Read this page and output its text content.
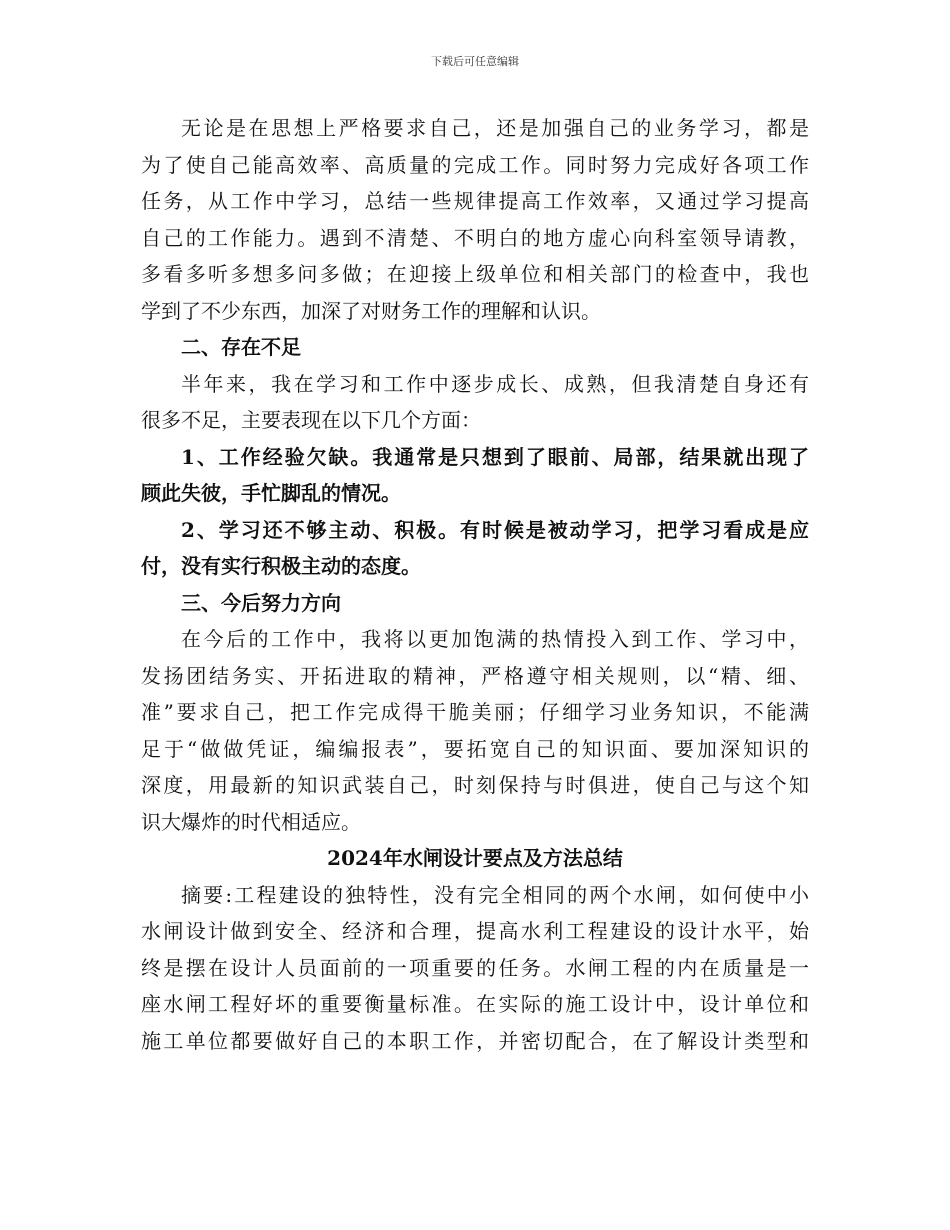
下载后可任意编辑
无论是在思想上严格要求自己，还是加强自己的业务学习，都是
为了使自己能高效率、高质量的完成工作。同时努力完成好各项工作
任务，从工作中学习，总结一些规律提高工作效率，又通过学习提高
自己的工作能力。遇到不清楚、不明白的地方虚心向科室领导请教，
多看多听多想多问多做；在迎接上级单位和相关部门的检查中，我也
学到了不少东西，加深了对财务工作的理解和认识。
二、存在不足
半年来，我在学习和工作中逐步成长、成熟，但我清楚自身还有
很多不足，主要表现在以下几个方面：
1、工作经验欠缺。我通常是只想到了眼前、局部，结果就出现了
顾此失彼，手忙脚乱的情况。
2、学习还不够主动、积极。有时候是被动学习，把学习看成是应
付，没有实行积极主动的态度。
三、今后努力方向
在今后的工作中，我将以更加饱满的热情投入到工作、学习中，
发扬团结务实、开拓进取的精神，严格遵守相关规则，以“精、细、
准”要求自己，把工作完成得干脆美丽；仔细学习业务知识，不能满
足于“做做凭证，编编报表”，要拓宽自己的知识面、要加深知识的
深度，用最新的知识武装自己，时刻保持与时俱进，使自己与这个知
识大爆炸的时代相适应。
2024年水闸设计要点及方法总结
摘要:工程建设的独特性，没有完全相同的两个水闸，如何使中小
水闸设计做到安全、经济和合理，提高水利工程建设的设计水平，始
终是摆在设计人员面前的一项重要的任务。水闸工程的内在质量是一
座水闸工程好坏的重要衡量标准。在实际的施工设计中，设计单位和
施工单位都要做好自己的本职工作，并密切配合，在了解设计类型和
